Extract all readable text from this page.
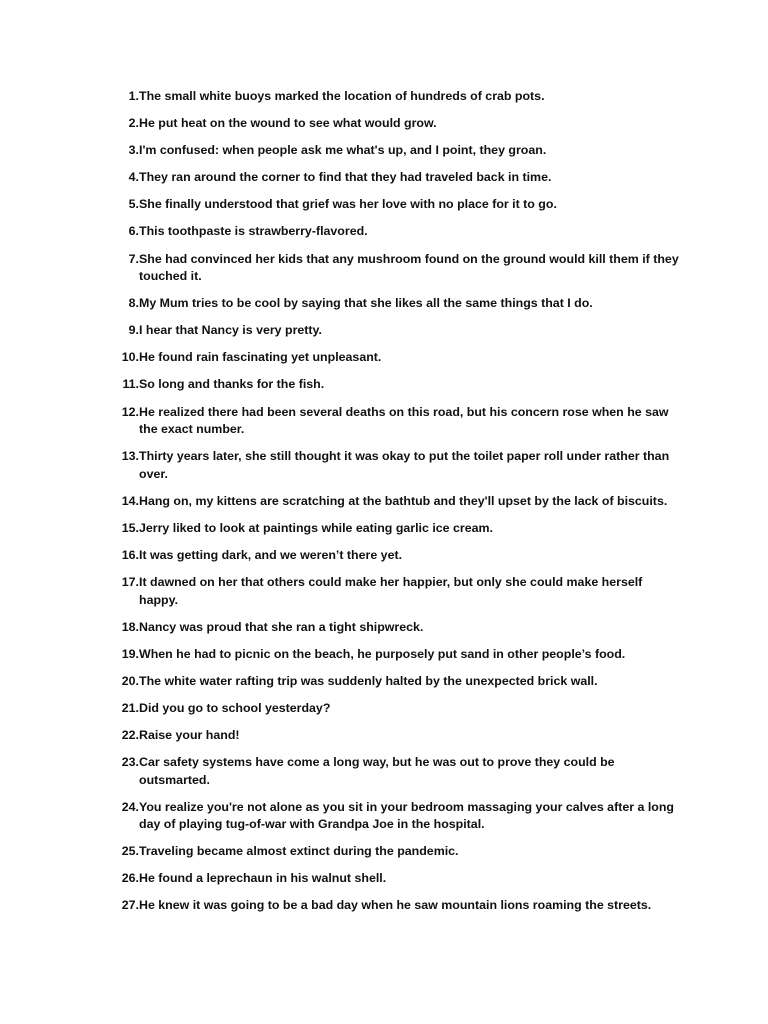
1. The small white buoys marked the location of hundreds of crab pots.
2. He put heat on the wound to see what would grow.
3. I'm confused: when people ask me what's up, and I point, they groan.
4. They ran around the corner to find that they had traveled back in time.
5. She finally understood that grief was her love with no place for it to go.
6. This toothpaste is strawberry-flavored.
7. She had convinced her kids that any mushroom found on the ground would kill them if they touched it.
8. My Mum tries to be cool by saying that she likes all the same things that I do.
9. I hear that Nancy is very pretty.
10. He found rain fascinating yet unpleasant.
11. So long and thanks for the fish.
12. He realized there had been several deaths on this road, but his concern rose when he saw the exact number.
13. Thirty years later, she still thought it was okay to put the toilet paper roll under rather than over.
14. Hang on, my kittens are scratching at the bathtub and they'll upset by the lack of biscuits.
15. Jerry liked to look at paintings while eating garlic ice cream.
16. It was getting dark, and we weren’t there yet.
17. It dawned on her that others could make her happier, but only she could make herself happy.
18. Nancy was proud that she ran a tight shipwreck.
19. When he had to picnic on the beach, he purposely put sand in other people’s food.
20. The white water rafting trip was suddenly halted by the unexpected brick wall.
21. Did you go to school yesterday?
22. Raise your hand!
23. Car safety systems have come a long way, but he was out to prove they could be outsmarted.
24. You realize you're not alone as you sit in your bedroom massaging your calves after a long day of playing tug-of-war with Grandpa Joe in the hospital.
25. Traveling became almost extinct during the pandemic.
26. He found a leprechaun in his walnut shell.
27. He knew it was going to be a bad day when he saw mountain lions roaming the streets.
